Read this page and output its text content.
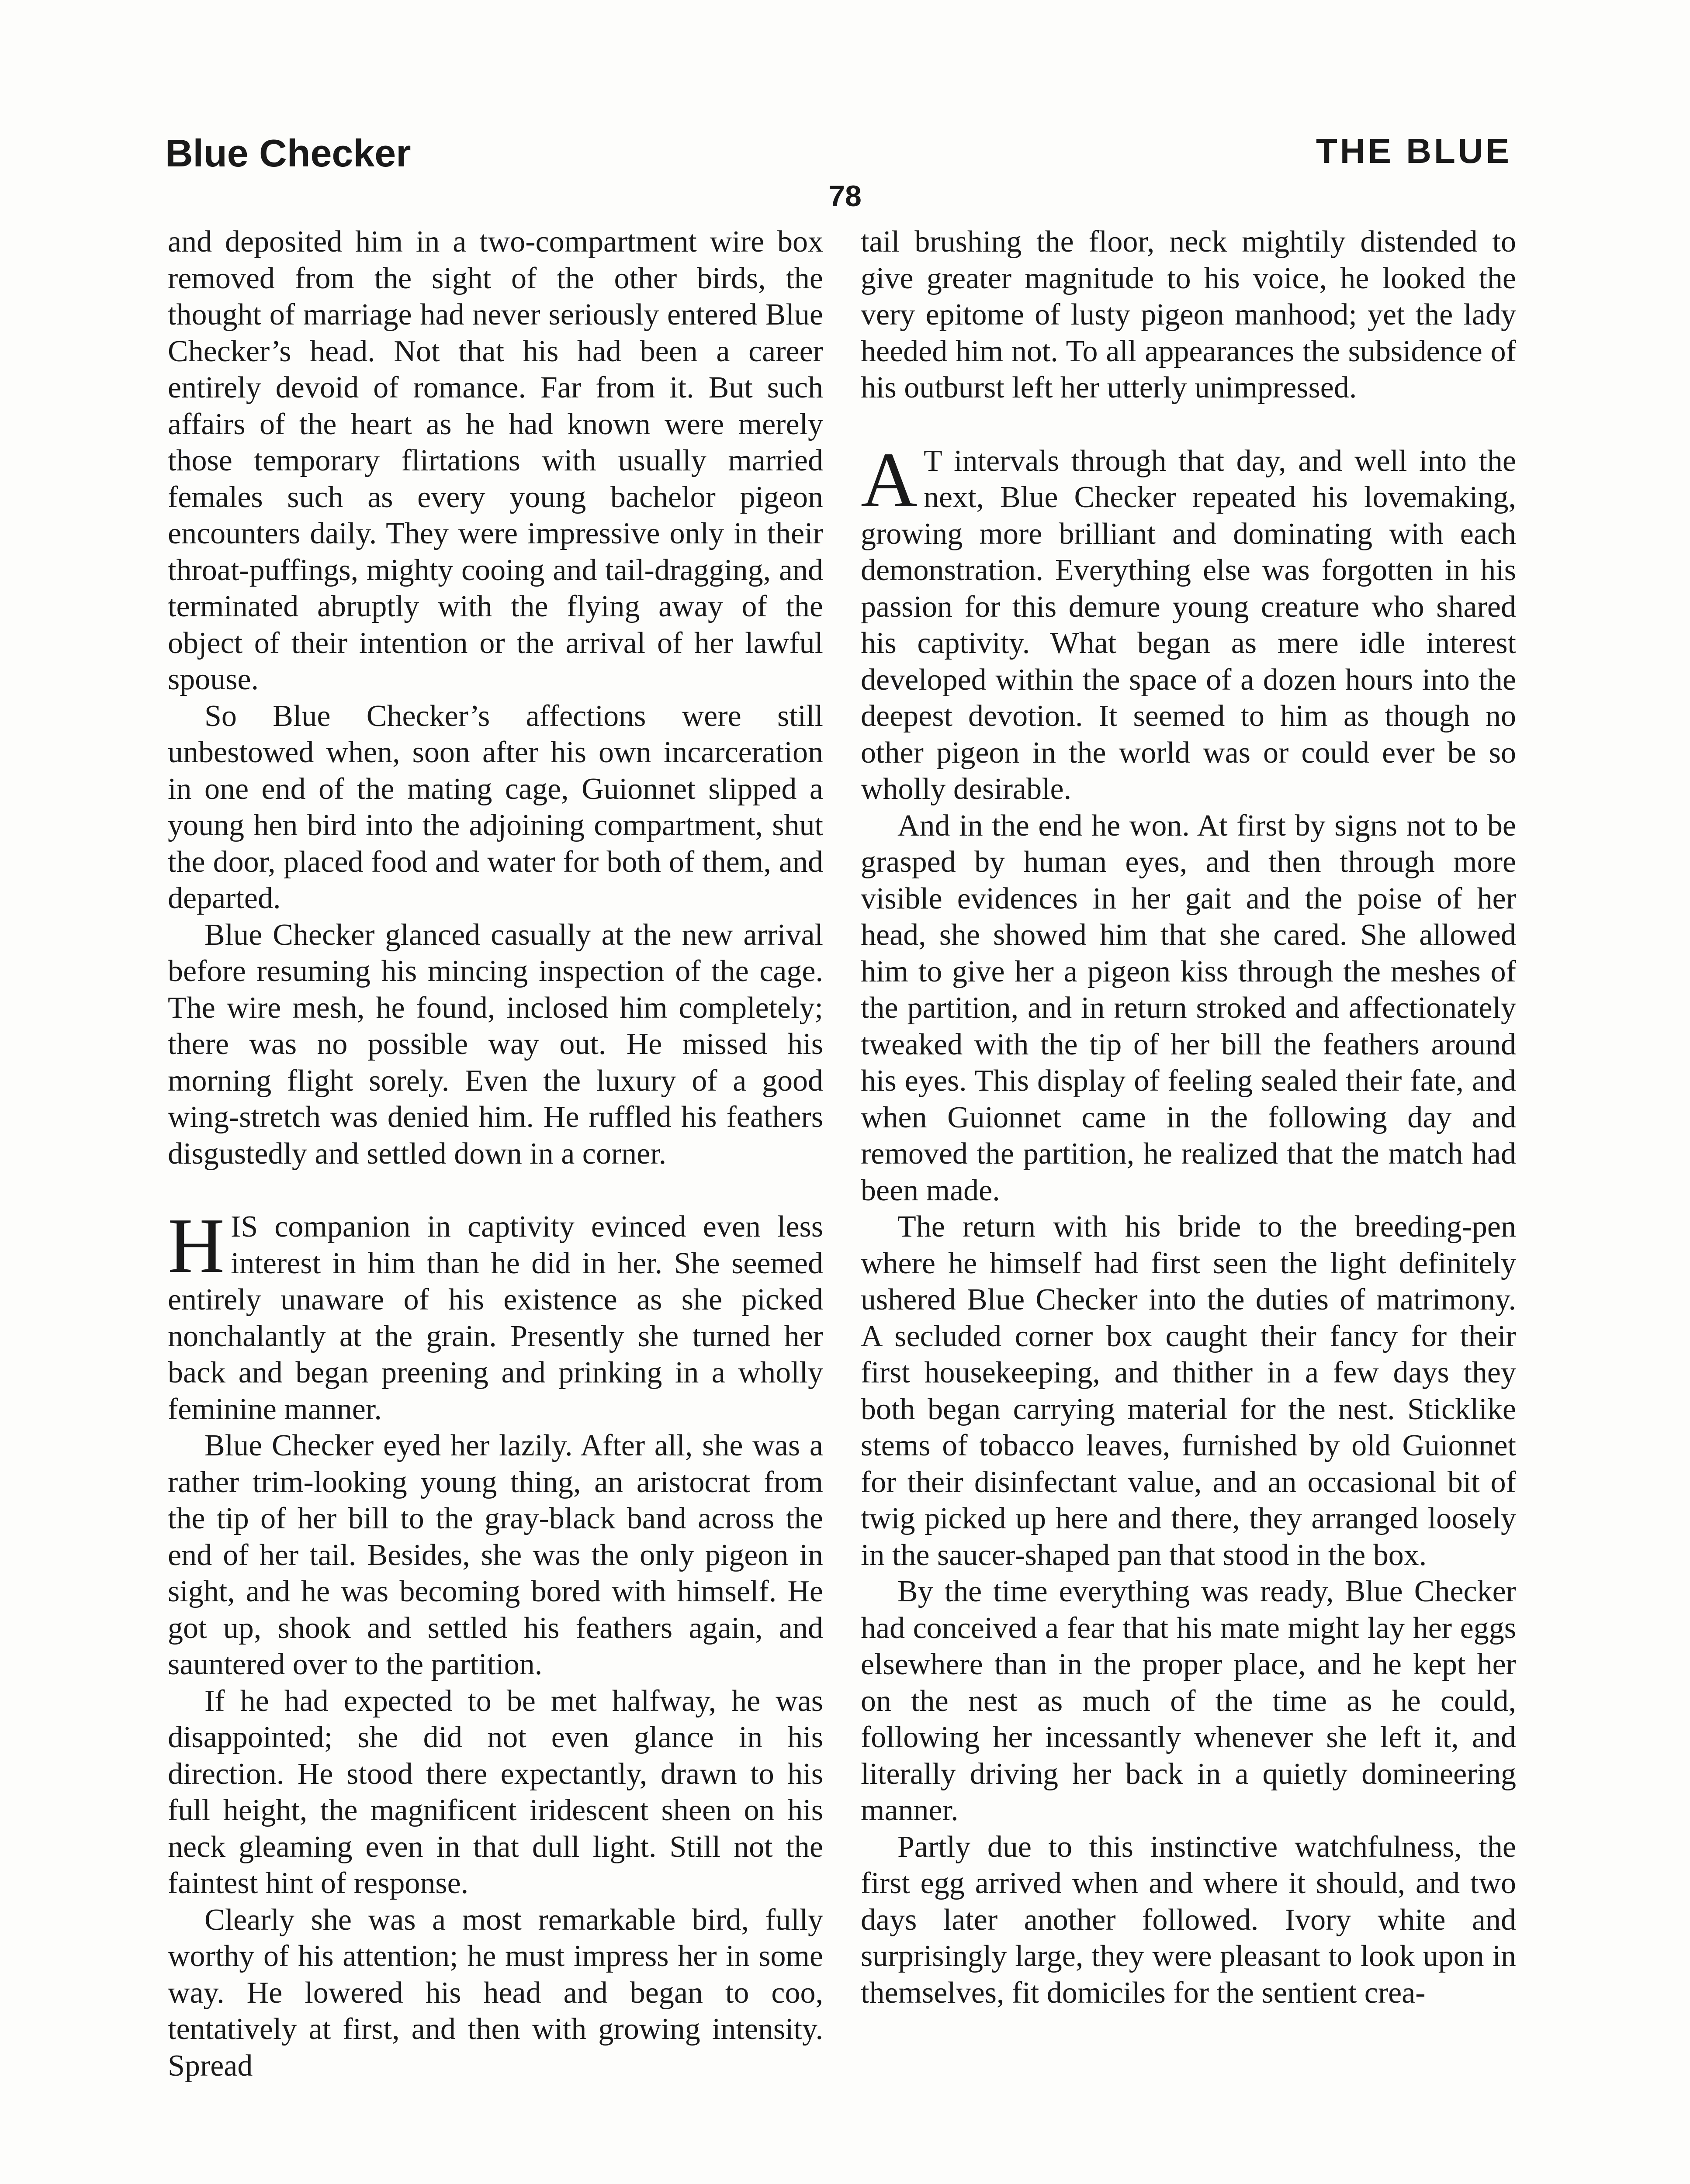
Blue Checker	THE BLUE
78

and deposited him in a two-compartment wire box removed from the sight of the other birds, the thought of marriage had never seriously entered Blue Checker’s head. Not that his had been a career entirely devoid of romance. Far from it. But such affairs of the heart as he had known were merely those temporary flirtations with usually married females such as every young bachelor pigeon encounters daily. They were impressive only in their throat-puffings, mighty cooing and tail-dragging, and terminated abruptly with the flying away of the object of their intention or the arrival of her lawful spouse.

So Blue Checker’s affections were still unbestowed when, soon after his own incarceration in one end of the mating cage, Guionnet slipped a young hen bird into the adjoining compartment, shut the door, placed food and water for both of them, and departed.

Blue Checker glanced casually at the new arrival before resuming his mincing inspection of the cage. The wire mesh, he found, inclosed him completely; there was no possible way out. He missed his morning flight sorely. Even the luxury of a good wing-stretch was denied him. He ruffled his feathers disgustedly and settled down in a corner.

HIS companion in captivity evinced even less interest in him than he did in her. She seemed entirely unaware of his existence as she picked nonchalantly at the grain. Presently she turned her back and began preening and prinking in a wholly feminine manner.

Blue Checker eyed her lazily. After all, she was a rather trim-looking young thing, an aristocrat from the tip of her bill to the gray-black band across the end of her tail. Besides, she was the only pigeon in sight, and he was becoming bored with himself. He got up, shook and settled his feathers again, and sauntered over to the partition.

If he had expected to be met halfway, he was disappointed; she did not even glance in his direction. He stood there expectantly, drawn to his full height, the magnificent iridescent sheen on his neck gleaming even in that dull light. Still not the faintest hint of response.

Clearly she was a most remarkable bird, fully worthy of his attention; he must impress her in some way. He lowered his head and began to coo, tentatively at first, and then with growing intensity. Spread

tail brushing the floor, neck mightily distended to give greater magnitude to his voice, he looked the very epitome of lusty pigeon manhood; yet the lady heeded him not. To all appearances the subsidence of his outburst left her utterly unimpressed.

A T intervals through that day, and well into the next, Blue Checker repeated his lovemaking, growing more brilliant and dominating with each demonstration. Everything else was forgotten in his passion for this demure young creature who shared his captivity. What began as mere idle interest developed within the space of a dozen hours into the deepest devotion. It seemed to him as though no other pigeon in the world was or could ever be so wholly desirable.

And in the end he won. At first by signs not to be grasped by human eyes, and then through more visible evidences in her gait and the poise of her head, she showed him that she cared. She allowed him to give her a pigeon kiss through the meshes of the partition, and in return stroked and affectionately tweaked with the tip of her bill the feathers around his eyes. This display of feeling sealed their fate, and when Guionnet came in the following day and removed the partition, he realized that the match had been made.

The return with his bride to the breeding-pen where he himself had first seen the light definitely ushered Blue Checker into the duties of matrimony. A secluded corner box caught their fancy for their first housekeeping, and thither in a few days they both began carrying material for the nest. Sticklike stems of tobacco leaves, furnished by old Guionnet for their disinfectant value, and an occasional bit of twig picked up here and there, they arranged loosely in the saucer-shaped pan that stood in the box.

By the time everything was ready, Blue Checker had conceived a fear that his mate might lay her eggs elsewhere than in the proper place, and he kept her on the nest as much of the time as he could, following her incessantly whenever she left it, and literally driving her back in a quietly domineering manner.

Partly due to this instinctive watchfulness, the first egg arrived when and where it should, and two days later another followed. Ivory white and surprisingly large, they were pleasant to look upon in themselves, fit domiciles for the sentient crea-
